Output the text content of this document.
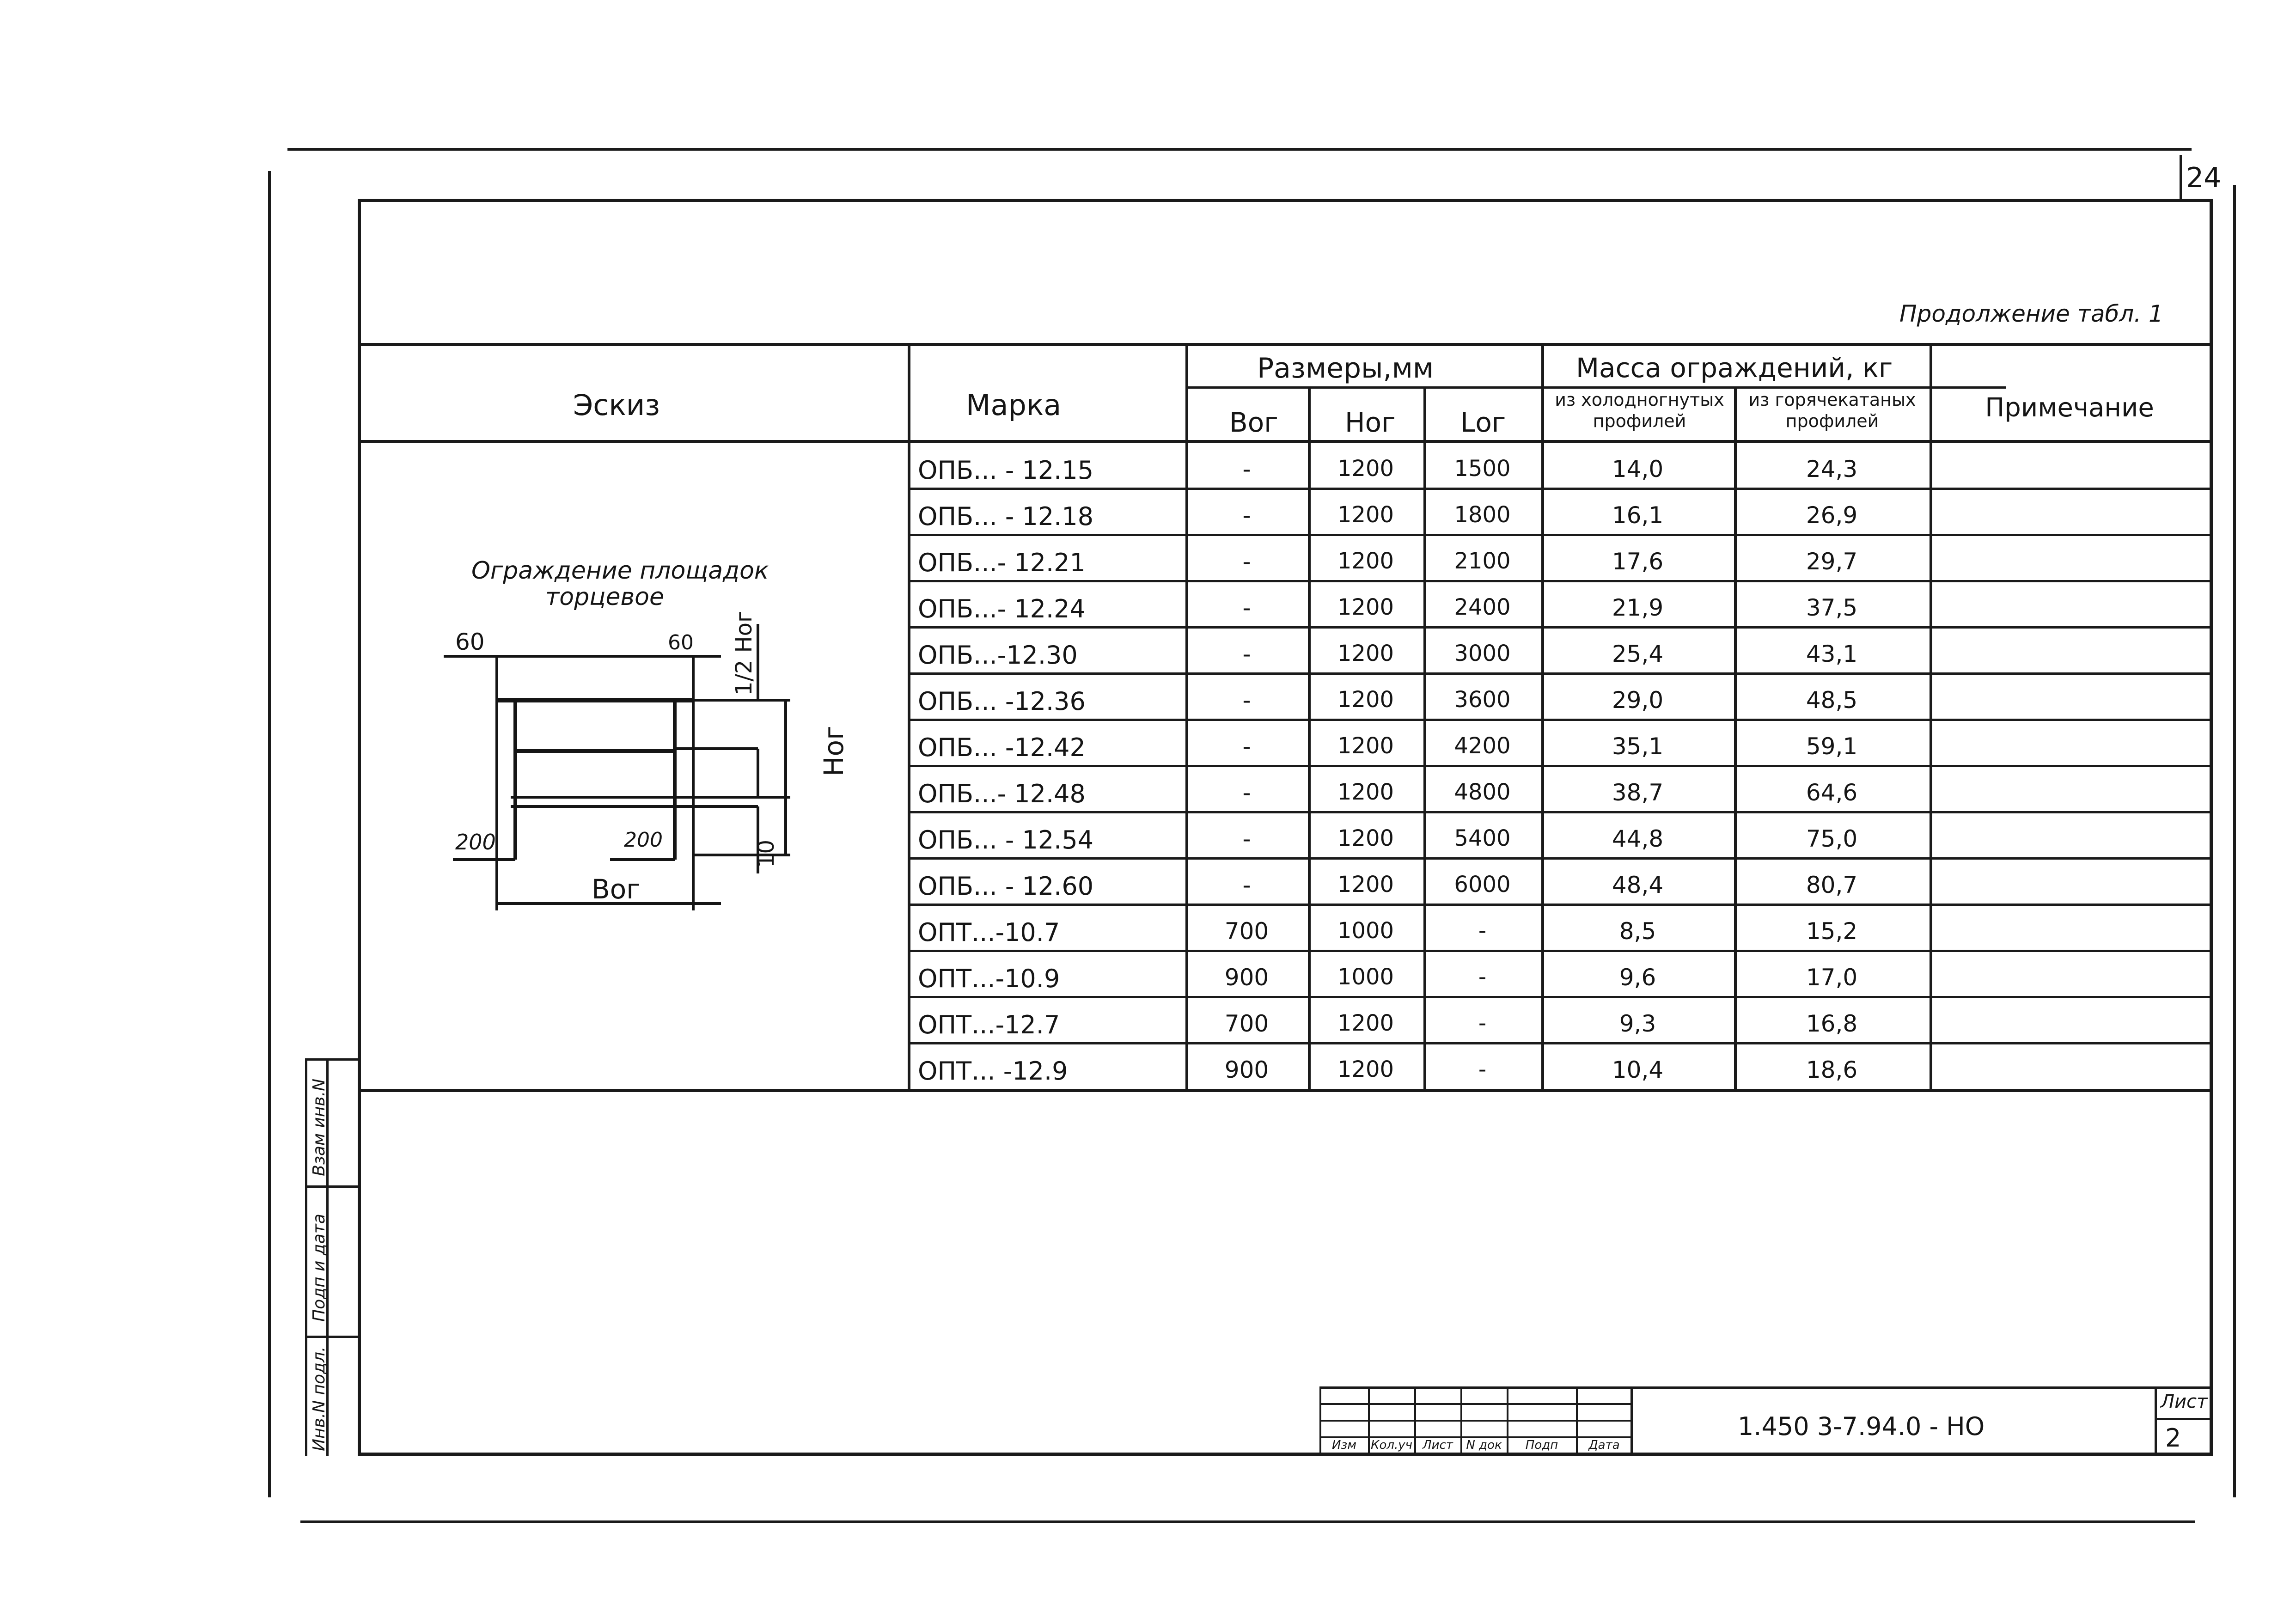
24
Продолжение табл. 1
Эскиз	Марка
Размеры,мм
Вог Ног Lог
Масса ограждений, кг
из холодногнутых профилей
из горячекатаных профилей	Примечание
ОПБ... - 12.15	-	1200	1500	14,0	24,3
ОПБ... - 12.18	-	1200	1800	16,1	26,9
ОПБ...- 12.21	-	1200	2100	17,6	29,7
ОПБ...- 12.24	-	1200	2400	21,9	37,5
ОПБ...-12.30	-	1200	3000	25,4	43,1
ОПБ... -12.36	-	1200	3600	29,0	48,5
ОПБ... -12.42	-	1200	4200	35,1	59,1
ОПБ...- 12.48	-	1200	4800	38,7	64,6
ОПБ... - 12.54	-	1200	5400	44,8	75,0
ОПБ... - 12.60	-	1200	6000	48,4	80,7
ОПТ...-10.7	700	1000	-	8,5	15,2
ОПТ...-10.9	900	1000	-	9,6	17,0
ОПТ...-12.7	700	1200	-	9,3	16,8
ОПТ... -12.9	900	1200	-	10,4	18,6
Ограждение площадок
торцевое
60	60 1/2 Ног
Ног
200	200	10
Вог
Взам инв.N
Подп и дата
Инв.N подл.	Изм	Кол.уч Лист	N док	Подп	Дата
1.450 3-7.94.0 - НО
Лист
2
